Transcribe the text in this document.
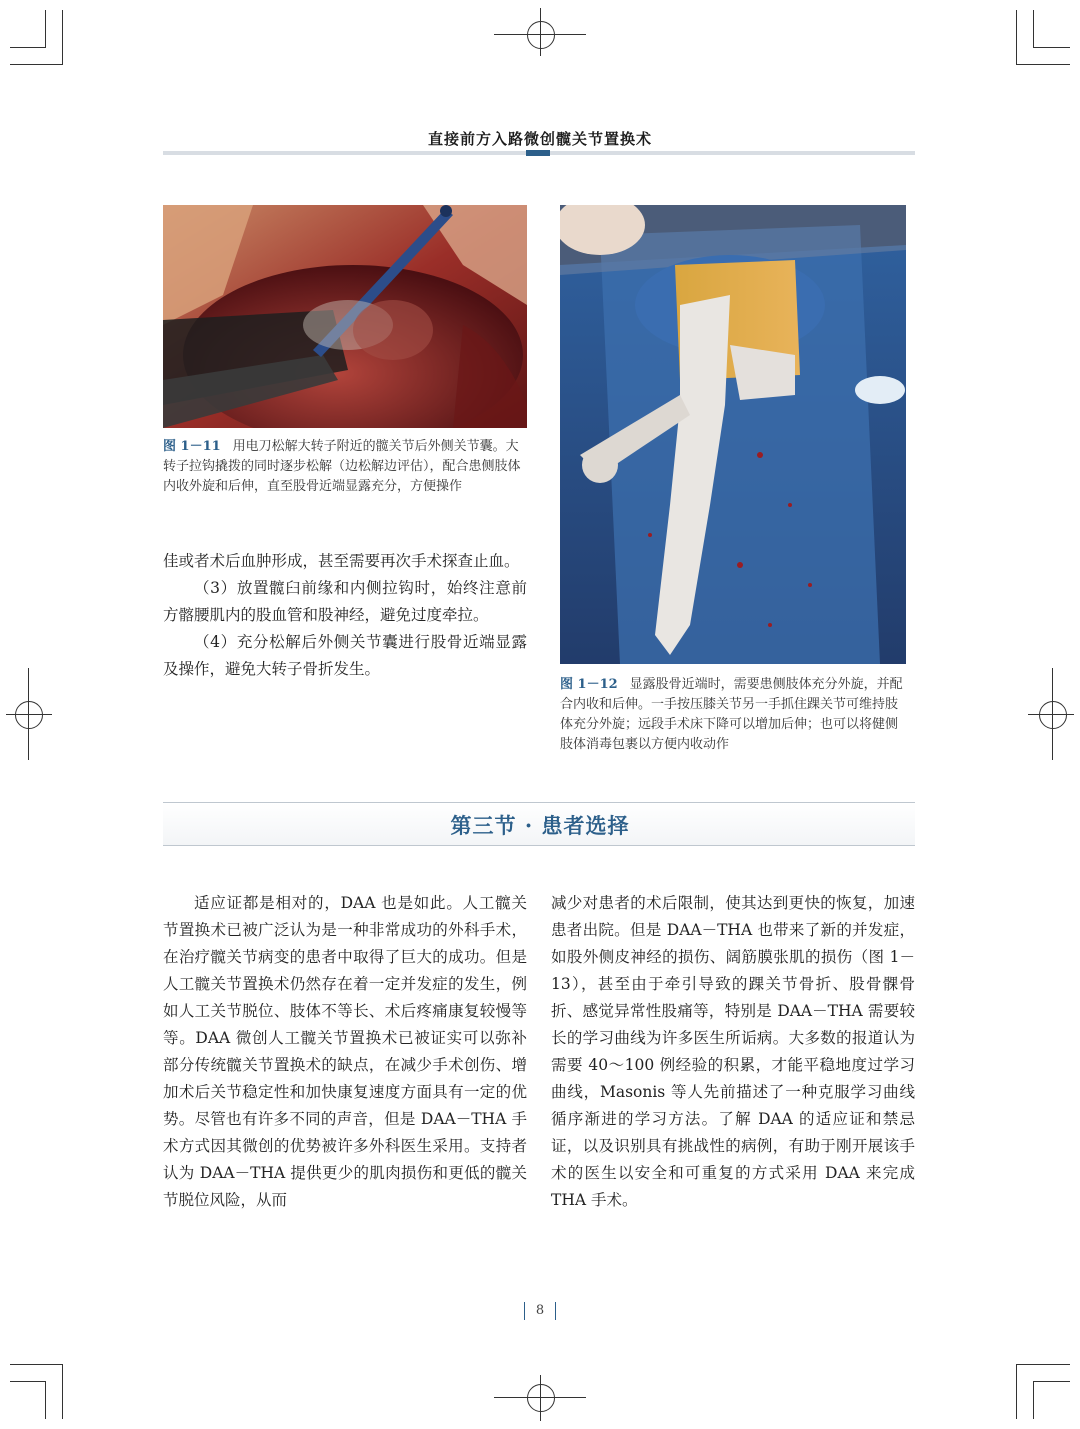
直接前方入路微创髋关节置换术
图 1－11 用电刀松解大转子附近的髋关节后外侧关节囊。大转子拉钩撬拨的同时逐步松解（边松解边评估），配合患侧肢体内收外旋和后伸，直至股骨近端显露充分，方便操作
图 1－12 显露股骨近端时，需要患侧肢体充分外旋，并配合内收和后伸。一手按压膝关节另一手抓住踝关节可维持肢体充分外旋；远段手术床下降可以增加后伸；也可以将健侧肢体消毒包裹以方便内收动作

佳或者术后血肿形成，甚至需要再次手术探查止血。

（3）放置髋臼前缘和内侧拉钩时，始终注意前方髂腰肌内的股血管和股神经，避免过度牵拉。

（4）充分松解后外侧关节囊进行股骨近端显露及操作，避免大转子骨折发生。

第三节 · 患者选择

适应证都是相对的，DAA 也是如此。人工髋关节置换术已被广泛认为是一种非常成功的外科手术，在治疗髋关节病变的患者中取得了巨大的成功。但是人工髋关节置换术仍然存在着一定并发症的发生，例如人工关节脱位、肢体不等长、术后疼痛康复较慢等等。DAA 微创人工髋关节置换术已被证实可以弥补部分传统髋关节置换术的缺点，在减少手术创伤、增加术后关节稳定性和加快康复速度方面具有一定的优势。尽管也有许多不同的声音，但是 DAA－THA 手术方式因其微创的优势被许多外科医生采用。支持者认为 DAA－THA 提供更少的肌肉损伤和更低的髋关节脱位风险，从而

减少对患者的术后限制，使其达到更快的恢复，加速患者出院。但是 DAA－THA 也带来了新的并发症，如股外侧皮神经的损伤、阔筋膜张肌的损伤（图 1－13），甚至由于牵引导致的踝关节骨折、股骨髁骨折、感觉异常性股痛等，特别是 DAA－THA 需要较长的学习曲线为许多医生所诟病。大多数的报道认为需要 40～100 例经验的积累，才能平稳地度过学习曲线，Masonis 等人先前描述了一种克服学习曲线循序渐进的学习方法。了解 DAA 的适应证和禁忌证，以及识别具有挑战性的病例，有助于刚开展该手术的医生以安全和可重复的方式采用 DAA 来完成 THA 手术。

8
